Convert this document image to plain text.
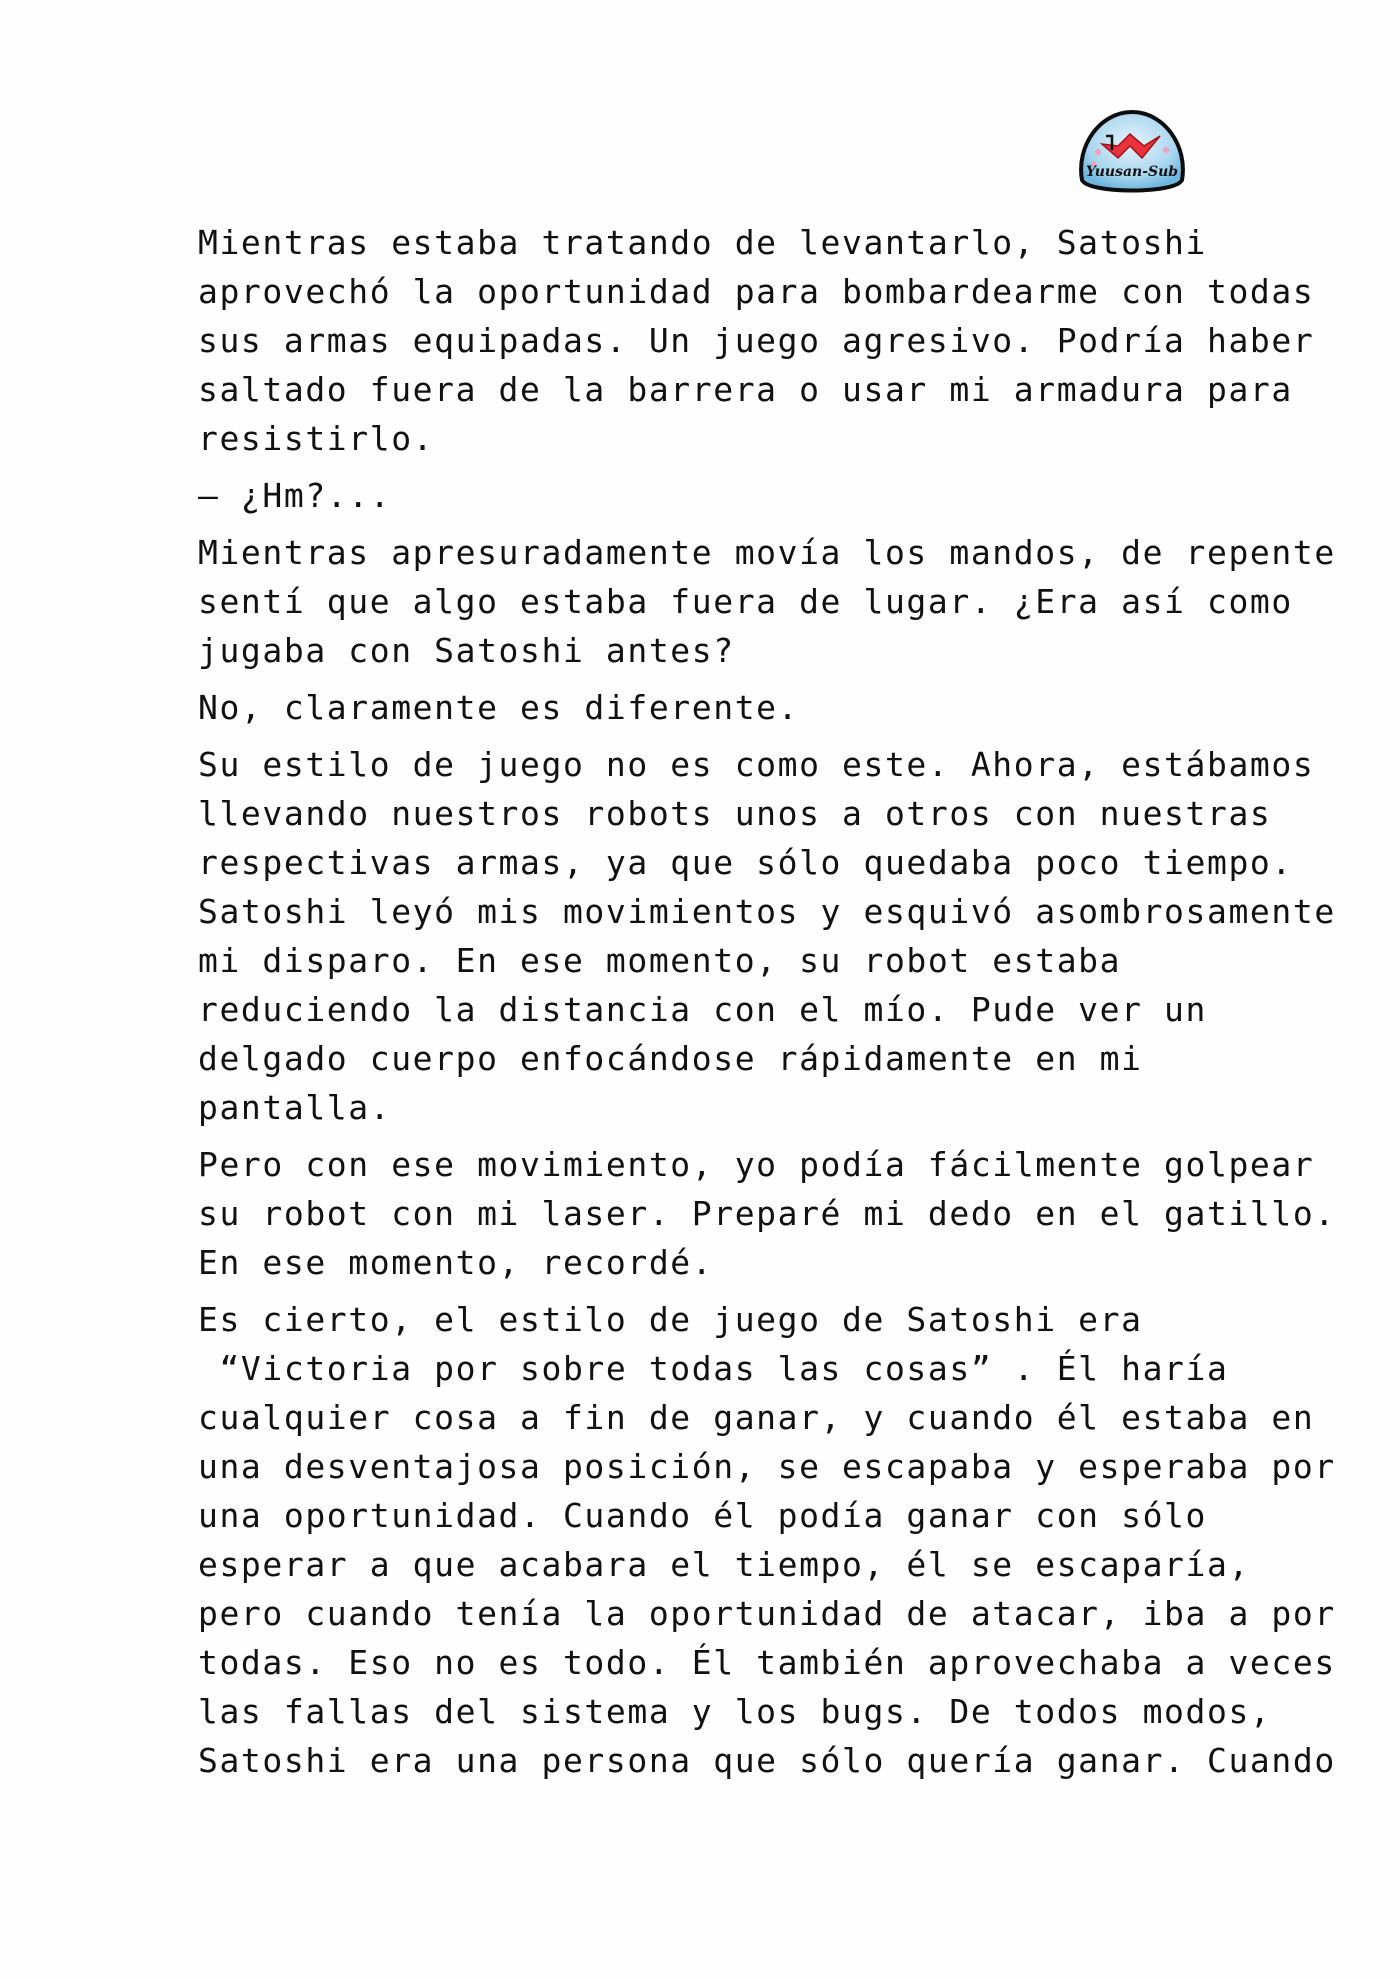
Yuusan-Sub
Mientras estaba tratando de levantarlo, Satoshi
aprovechó la oportunidad para bombardearme con todas
sus armas equipadas. Un juego agresivo. Podría haber
saltado fuera de la barrera o usar mi armadura para
resistirlo.
– ¿Hm?...
Mientras apresuradamente movía los mandos, de repente
sentí que algo estaba fuera de lugar. ¿Era así como
jugaba con Satoshi antes?
No, claramente es diferente.
Su estilo de juego no es como este. Ahora, estábamos
llevando nuestros robots unos a otros con nuestras
respectivas armas, ya que sólo quedaba poco tiempo.
Satoshi leyó mis movimientos y esquivó asombrosamente
mi disparo. En ese momento, su robot estaba
reduciendo la distancia con el mío. Pude ver un
delgado cuerpo enfocándose rápidamente en mi
pantalla.
Pero con ese movimiento, yo podía fácilmente golpear
su robot con mi laser. Preparé mi dedo en el gatillo.
En ese momento, recordé.
Es cierto, el estilo de juego de Satoshi era
“Victoria por sobre todas las cosas” . Él haría
cualquier cosa a fin de ganar, y cuando él estaba en
una desventajosa posición, se escapaba y esperaba por
una oportunidad. Cuando él podía ganar con sólo
esperar a que acabara el tiempo, él se escaparía,
pero cuando tenía la oportunidad de atacar, iba a por
todas. Eso no es todo. Él también aprovechaba a veces
las fallas del sistema y los bugs. De todos modos,
Satoshi era una persona que sólo quería ganar. Cuando
